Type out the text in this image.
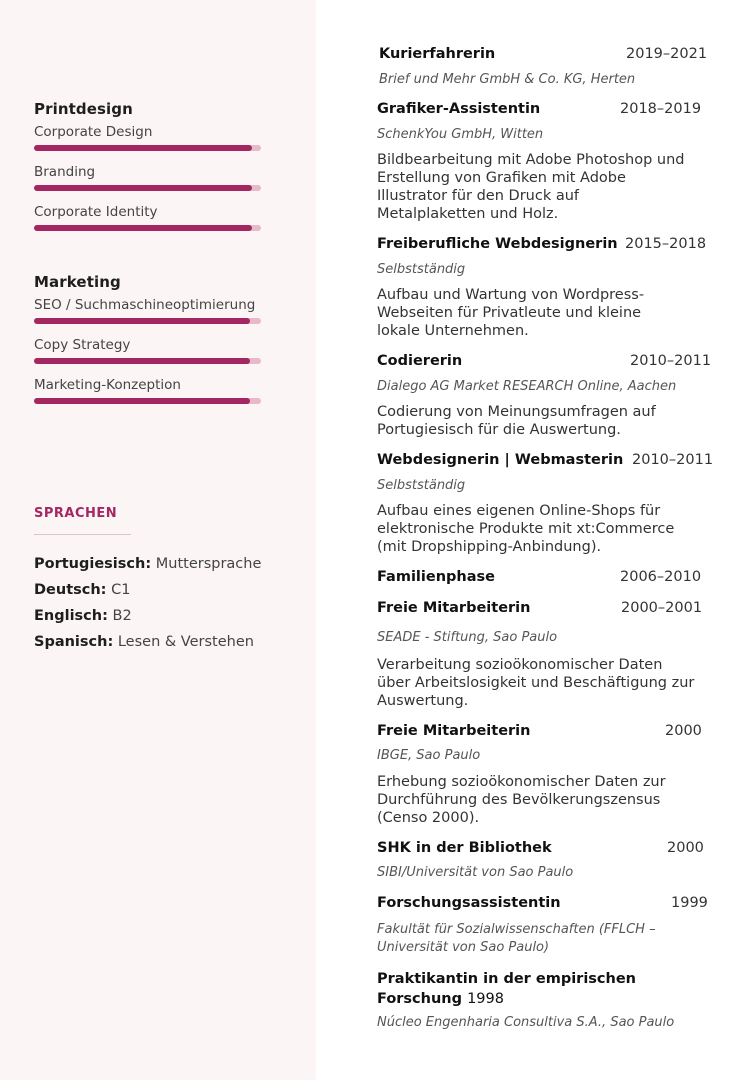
Printdesign
Corporate Design
Branding
Corporate Identity
Marketing
SEO / Suchmaschineoptimierung
Copy Strategy
Marketing-Konzeption
SPRACHEN
Portugiesisch: Muttersprache
Deutsch: C1
Englisch: B2
Spanisch: Lesen & Verstehen
Kurierfahrerin	2019–2021
Brief und Mehr GmbH & Co. KG, Herten
Grafiker-Assistentin	2018–2019
SchenkYou GmbH, Witten
Bildbearbeitung mit Adobe Photoshop und Erstellung von Grafiken mit Adobe Illustrator für den Druck auf Metalplaketten und Holz.
Freiberufliche Webdesignerin 2015–2018
Selbstständig
Aufbau und Wartung von Wordpress-Webseiten für Privatleute und kleine lokale Unternehmen.
Codiererin	2010–2011
Dialego AG Market RESEARCH Online, Aachen
Codierung von Meinungsumfragen auf Portugiesisch für die Auswertung.
Webdesignerin | Webmasterin 2010–2011
Selbstständig
Aufbau eines eigenen Online-Shops für elektronische Produkte mit xt:Commerce (mit Dropshipping-Anbindung).
Familienphase	2006–2010
Freie Mitarbeiterin	2000–2001
SEADE - Stiftung, Sao Paulo
Verarbeitung sozioökonomischer Daten über Arbeitslosigkeit und Beschäftigung zur Auswertung.
Freie Mitarbeiterin	2000
IBGE, Sao Paulo
Erhebung sozioökonomischer Daten zur Durchführung des Bevölkerungszensus (Censo 2000).
SHK in der Bibliothek	2000
SIBI/Universität von Sao Paulo
Forschungsassistentin	1999
Fakultät für Sozialwissenschaften (FFLCH – Universität von Sao Paulo)
Praktikantin in der empirischen Forschung 1998
Núcleo Engenharia Consultiva S.A., Sao Paulo
